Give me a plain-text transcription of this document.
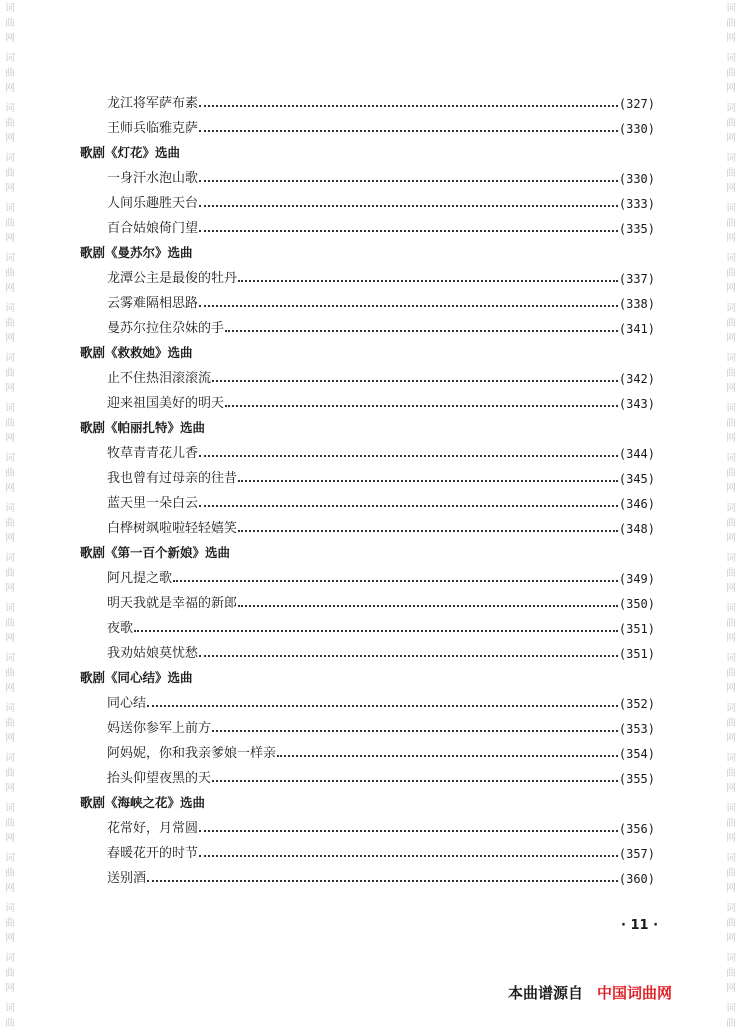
词
曲
网
词
曲
网
词
曲
网
词
曲
网
词
曲
网
词
曲
网
词
曲
网
词
曲
网
词
曲
网
词
曲
网
词
曲
网
词
曲
网
词
曲
网
词
曲
网
词
曲
网
词
曲
网
词
曲
网
词
曲
网
词
曲
网
词
曲
网
词
曲
词
曲
网
词
曲
网
词
曲
网
词
曲
网
词
曲
网
词
曲
网
词
曲
网
词
曲
网
词
曲
网
词
曲
网
词
曲
网
词
曲
网
词
曲
网
词
曲
网
词
曲
网
词
曲
网
词
曲
网
词
曲
网
词
曲
网
词
曲
网
词
曲
龙江将军萨布素	(327)
王师兵临雅克萨	(330)
歌剧《灯花》选曲
一身汗水泡山歌	(330)
人间乐趣胜天台	(333)
百合姑娘倚门望	(335)
歌剧《曼苏尔》选曲
龙潭公主是最俊的牡丹	(337)
云雾难隔相思路	(338)
曼苏尔拉住尕妹的手	(341)
歌剧《救救她》选曲
止不住热泪滚滚流	(342)
迎来祖国美好的明天	(343)
歌剧《帕丽扎特》选曲
牧草青青花儿香	(344)
我也曾有过母亲的往昔	(345)
蓝天里一朵白云	(346)
白桦树飒啦啦轻轻嬉笑	(348)
歌剧《第一百个新娘》选曲
阿凡提之歌	(349)
明天我就是幸福的新郎	(350)
夜歌	(351)
我劝姑娘莫忧愁	(351)
歌剧《同心结》选曲
同心结	(352)
妈送你参军上前方	(353)
阿妈妮，你和我亲爹娘一样亲	(354)
抬头仰望夜黑的天	(355)
歌剧《海峡之花》选曲
花常好，月常圆	(356)
春暖花开的时节	(357)
送别酒	(360)
· 11 ·
本曲谱源自 中国词曲网
